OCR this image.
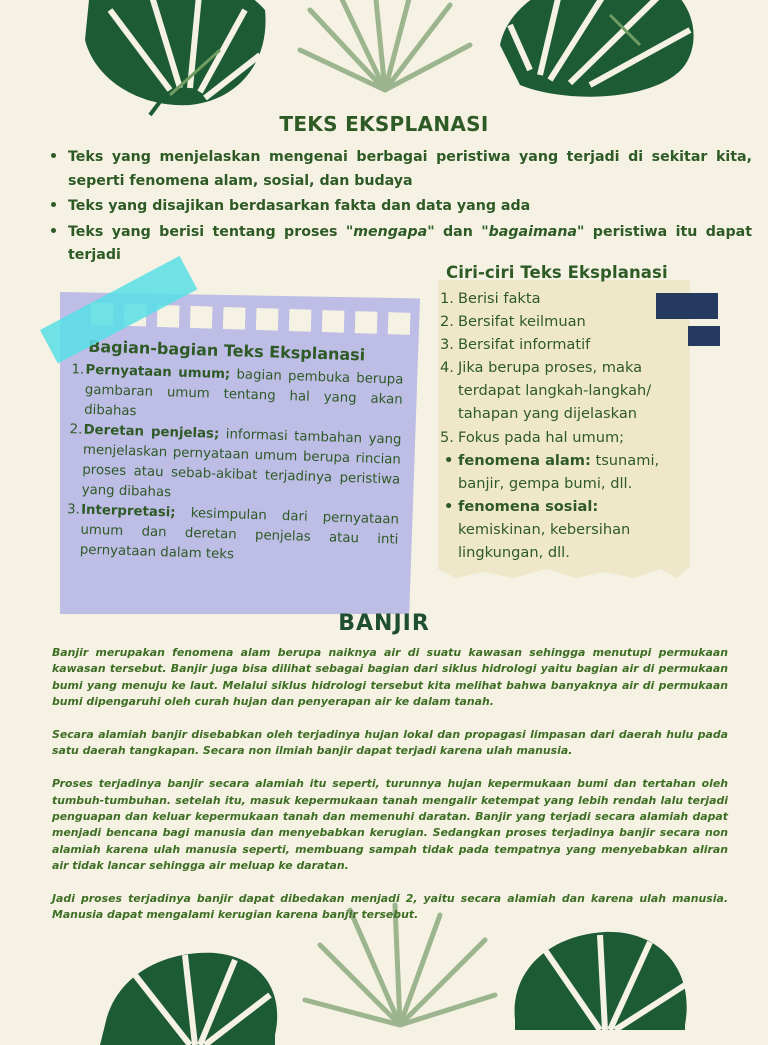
TEKS EKSPLANASI
• Teks yang menjelaskan mengenai berbagai peristiwa yang terjadi di sekitar kita, seperti fenomena alam, sosial, dan budaya
• Teks yang disajikan berdasarkan fakta dan data yang ada
• Teks yang berisi tentang proses "mengapa" dan "bagaimana" peristiwa itu dapat terjadi
Ciri-ciri Teks Eksplanasi
1. Berisi fakta
2. Bersifat keilmuan
3. Bersifat informatif
4. Jika berupa proses, maka terdapat langkah-langkah/ tahapan yang dijelaskan
5. Fokus pada hal umum;
• fenomena alam: tsunami, banjir, gempa bumi, dll.
• fenomena sosial: kemiskinan, kebersihan lingkungan, dll.
Bagian-bagian Teks Eksplanasi
1. Pernyataan umum; bagian pembuka berupa gambaran umum tentang hal yang akan dibahas
2. Deretan penjelas; informasi tambahan yang menjelaskan pernyataan umum berupa rincian proses atau sebab-akibat terjadinya peristiwa yang dibahas
3. Interpretasi; kesimpulan dari pernyataan umum dan deretan penjelas atau inti pernyataan dalam teks
BANJIR

Banjir merupakan fenomena alam berupa naiknya air di suatu kawasan sehingga menutupi permukaan kawasan tersebut. Banjir juga bisa dilihat sebagai bagian dari siklus hidrologi yaitu bagian air di permukaan bumi yang menuju ke laut. Melalui siklus hidrologi tersebut kita melihat bahwa banyaknya air di permukaan bumi dipengaruhi oleh curah hujan dan penyerapan air ke dalam tanah.

Secara alamiah banjir disebabkan oleh terjadinya hujan lokal dan propagasi limpasan dari daerah hulu pada satu daerah tangkapan. Secara non ilmiah banjir dapat terjadi karena ulah manusia.

Proses terjadinya banjir secara alamiah itu seperti, turunnya hujan kepermukaan bumi dan tertahan oleh tumbuh-tumbuhan. setelah itu, masuk kepermukaan tanah mengalir ketempat yang lebih rendah lalu terjadi penguapan dan keluar kepermukaan tanah dan memenuhi daratan. Banjir yang terjadi secara alamiah dapat menjadi bencana bagi manusia dan menyebabkan kerugian. Sedangkan proses terjadinya banjir secara non alamiah karena ulah manusia seperti, membuang sampah tidak pada tempatnya yang menyebabkan aliran air tidak lancar sehingga air meluap ke daratan.

Jadi proses terjadinya banjir dapat dibedakan menjadi 2, yaitu secara alamiah dan karena ulah manusia. Manusia dapat mengalami kerugian karena banjir tersebut.
